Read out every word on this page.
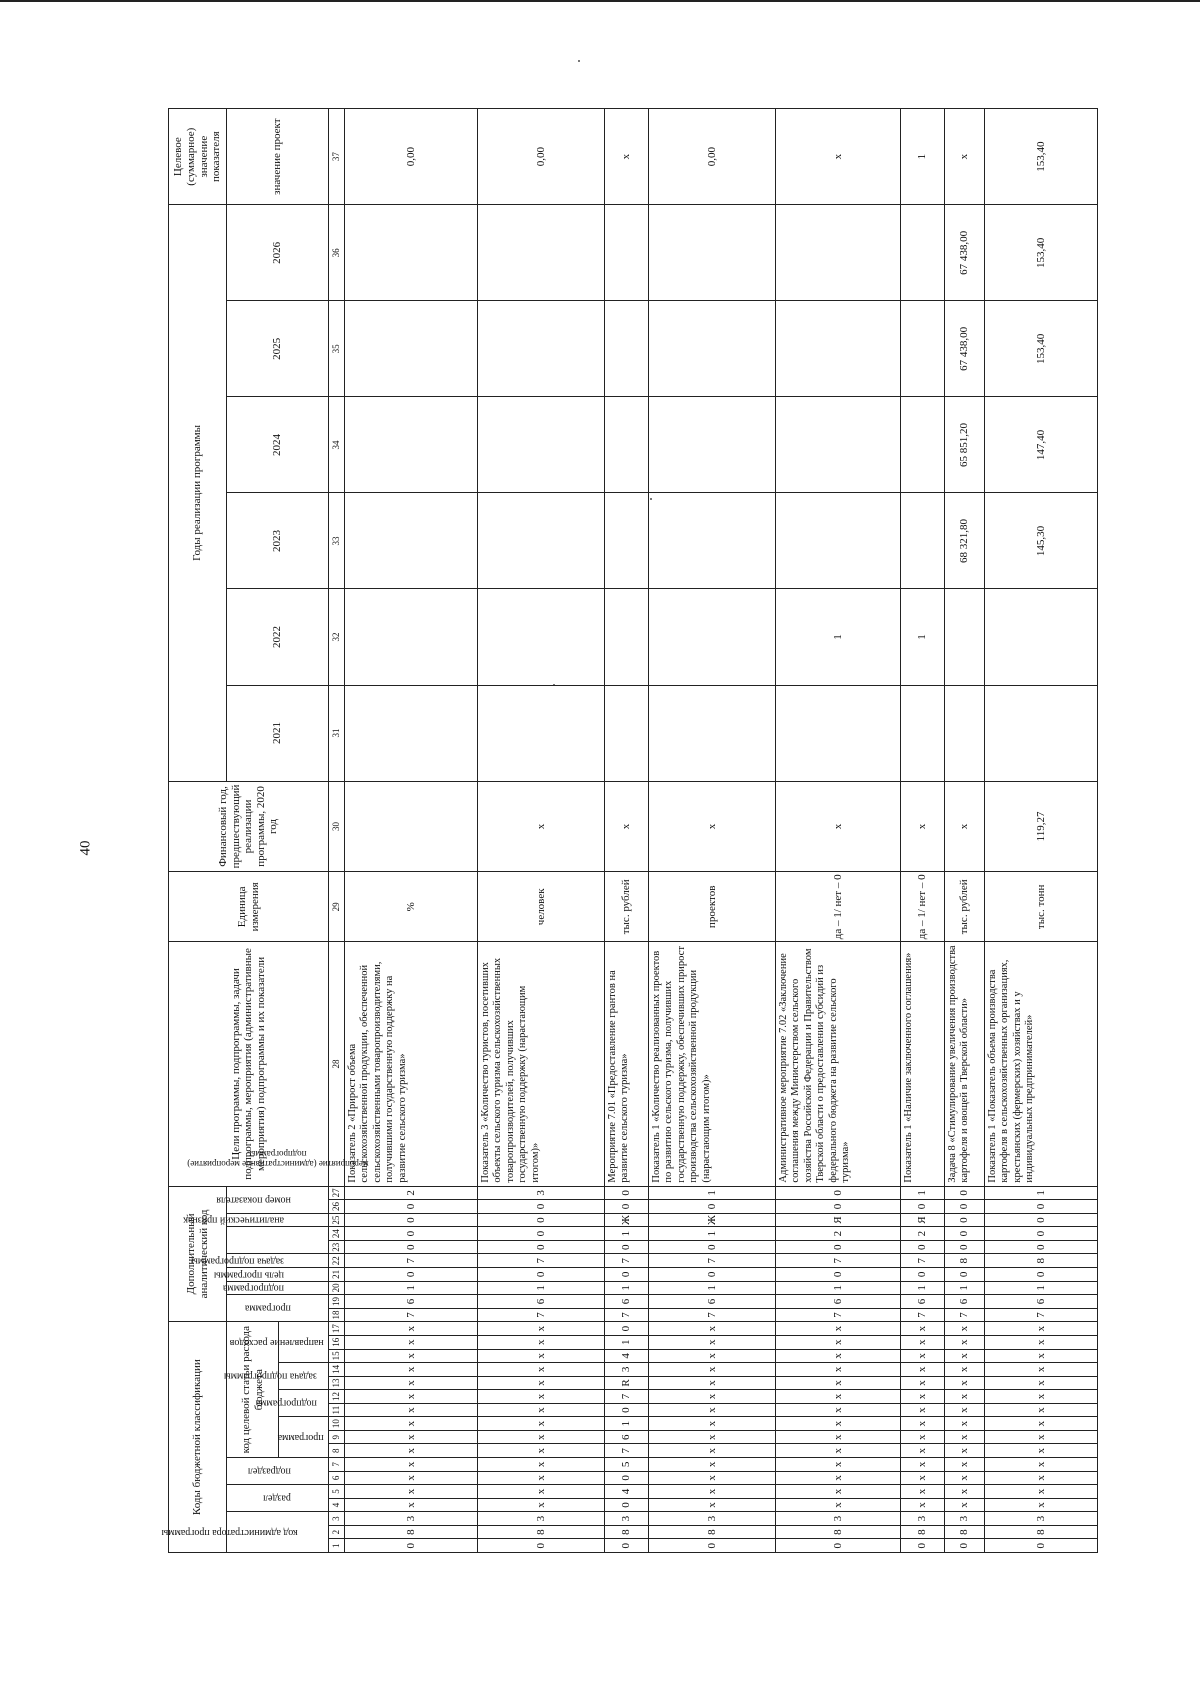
40
Коды бюджетной классификации																	Дополнительный аналитический код										Цели программы, подпрограммы, задачи подпрограммы, мероприятия (административные мероприятия) подпрограммы и их показатели	Единица измерения	Финансовый год, предшествующий реализации программы, 2020 год	Годы реализации программы						Целевое (суммарное) значение показателя

код администратора программы			раздел		подраздел		код целевой статьи расхода бюджета										программа		подпрограмма	цель программы	задача подпрограммы	мероприятие (административное мероприятие) подпрограммы		аналитический признак	номер показателя					2021	2022	2023	2024	2025	2026	значение проект

							программа			подпрограмма		задача подпрограммы		направление расходов																						

1	2	3	4	5	6	7	8	9	10	11	12	13	14	15	16	17	18	19	20	21	22	23	24	25	26	27	28	29	30	31	32	33	34	35	36	37
0	8	3	х	х	х	х	х	х	х	х	х	х	х	х	х	х	7	6	1	0	7	0	0	0	0	2	Показатель 2 «Прирост объема сельскохозяйственной продукции, обеспеченной сельскохозяйственными товаропроизводителями, получившими государственную поддержку на развитие сельского туризма»	%								0,00
0	8	3	х	х	х	х	х	х	х	х	х	х	х	х	х	х	7	6	1	0	7	0	0	0	0	3	Показатель 3 «Количество туристов, посетивших объекты сельского туризма сельскохозяйственных товаропроизводителей, получивших государственную поддержку (нарастающим итогом)»	человек	х							0,00
0	8	3	0	4	0	5	7	6	1	0	7	R	3	4	1	0	7	6	1	0	7	0	1	Ж	0	0	Мероприятие 7.01 «Предоставление грантов на развитие сельского туризма»	тыс. рублей	х							х
0	8	3	х	х	х	х	х	х	х	х	х	х	х	х	х	х	7	6	1	0	7	0	1	Ж	0	1	Показатель 1 «Количество реализованных проектов по развитию сельского туризма, получивших государственную поддержку, обеспечивших прирост производства сельскохозяйственной продукции (нарастающим итогом)»	проектов	х							0,00
0	8	3	х	х	х	х	х	х	х	х	х	х	х	х	х	х	7	6	1	0	7	0	2	Я	0	0	Административное мероприятие 7.02 «Заключение соглашения между Министерством сельского хозяйства Российской Федерации и Правительством Тверской области о предоставлении субсидий из федерального бюджета на развитие сельского туризма»	да – 1/ нет – 0	х		1					х
0	8	3	х	х	х	х	х	х	х	х	х	х	х	х	х	х	7	6	1	0	7	0	2	Я	0	1	Показатель 1 «Наличие заключенного соглашения»	да – 1/ нет – 0	х		1					1
0	8	3	х	х	х	х	х	х	х	х	х	х	х	х	х	х	7	6	1	0	8	0	0	0	0	0	Задача 8 «Стимулирование увеличения производства картофеля и овощей в Тверской области»	тыс. рублей	х			68 321,80	65 851,20	67 438,00	67 438,00	х
0	8	3	х	х	х	х	х	х	х	х	х	х	х	х	х	х	7	6	1	0	8	0	0	0	0	1	Показатель 1 «Показатель объема производства картофеля в сельскохозяйственных организациях, крестьянских (фермерских) хозяйствах и у индивидуальных предпринимателей»	тыс. тонн	119,27			145,30	147,40	153,40	153,40	153,40
